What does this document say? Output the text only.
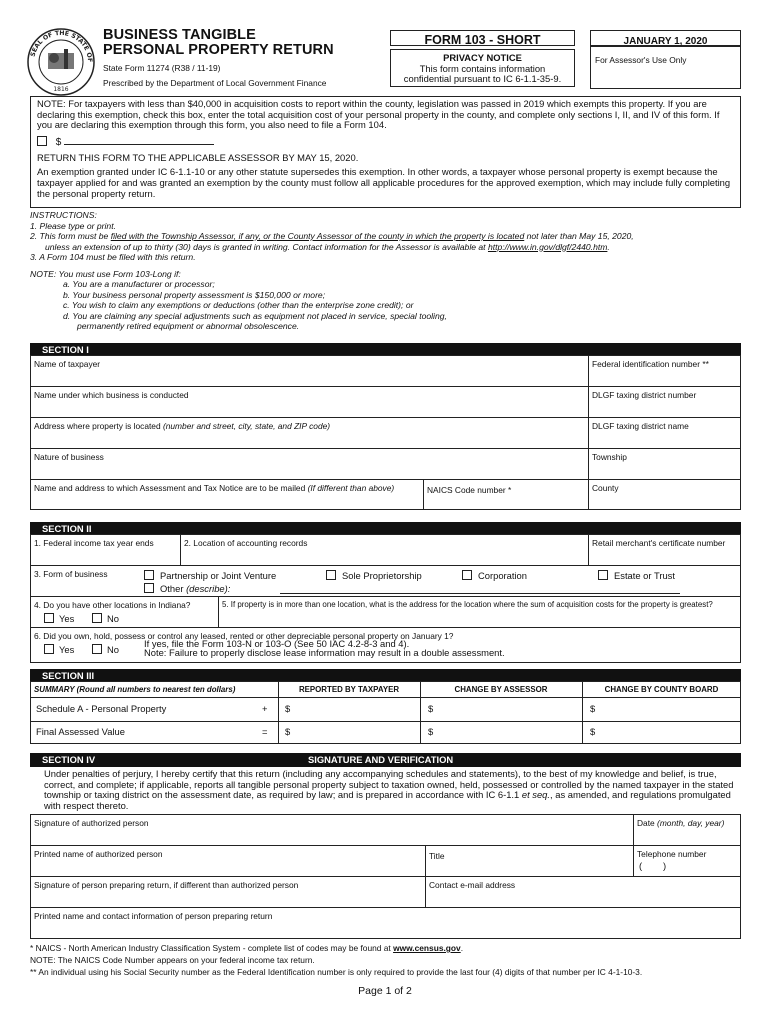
SEAL OF THE STATE OF
1816
BUSINESS TANGIBLE
PERSONAL PROPERTY RETURN
State Form 11274 (R38 / 11-19)
Prescribed by the Department of Local Government Finance
FORM 103 - SHORT
PRIVACY NOTICE
This form contains information
confidential pursuant to IC 6-1.1-35-9.
JANUARY 1, 2020
For Assessor's Use Only
NOTE: For taxpayers with less than $40,000 in acquisition costs to report within the county, legislation was passed in 2019 which exempts this property. If you are declaring this exemption, check this box, enter the total acquisition cost of your personal property in the county, and complete only sections I, II, and IV of this form. If you are declaring this exemption through this form, you also need to file a Form 104.
$
RETURN THIS FORM TO THE APPLICABLE ASSESSOR BY MAY 15, 2020.
An exemption granted under IC 6-1.1-10 or any other statute supersedes this exemption. In other words, a taxpayer whose personal property is exempt because the taxpayer applied for and was granted an exemption by the county must follow all applicable procedures for the approved exemption, which may include fully completing the personal property return.
INSTRUCTIONS:
1. Please type or print.
2. This form must be filed with the Township Assessor, if any, or the County Assessor of the county in which the property is located not later than May 15, 2020,
unless an extension of up to thirty (30) days is granted in writing. Contact information for the Assessor is available at http://www.in.gov/dlgf/2440.htm.
3. A Form 104 must be filed with this return.
NOTE: You must use Form 103-Long if:
a. You are a manufacturer or processor;
b. Your business personal property assessment is $150,000 or more;
c. You wish to claim any exemptions or deductions (other than the enterprise zone credit); or
d. You are claiming any special adjustments such as equipment not placed in service, special tooling,
permanently retired equipment or abnormal obsolescence.
SECTION I
Name of taxpayer	Federal identification number **
Name under which business is conducted	DLGF taxing district number
Address where property is located (number and street, city, state, and ZIP code)	DLGF taxing district name
Nature of business	Township
Name and address to which Assessment and Tax Notice are to be mailed (If different than above)	NAICS Code number *	County
SECTION II
1. Federal income tax year ends	2. Location of accounting records	Retail merchant's certificate number
3. Form of business	Partnership or Joint Venture	Sole Proprietorship	Corporation	Estate or Trust
Other (describe):
4. Do you have other locations in Indiana?
Yes	No
5. If property is in more than one location, what is the address for the location where the sum of acquisition costs for the property is greatest?
6. Did you own, hold, possess or control any leased, rented or other depreciable personal property on January 1?
Yes	No
If yes, file the Form 103-N or 103-O (See 50 IAC 4.2-8-3 and 4).
Note: Failure to properly disclose lease information may result in a double assessment.
SECTION III
SUMMARY (Round all numbers to nearest ten dollars)	REPORTED BY TAXPAYER	CHANGE BY ASSESSOR	CHANGE BY COUNTY BOARD
Schedule A - Personal Property	+ $	$	$
Final Assessed Value	= $	$	$
SECTION IV	SIGNATURE AND VERIFICATION
Under penalties of perjury, I hereby certify that this return (including any accompanying schedules and statements), to the best of my knowledge and belief, is true, correct, and complete; if applicable, reports all tangible personal property subject to taxation owned, held, possessed or controlled by the named taxpayer in the stated township or taxing district on the assessment date, as required by law; and is prepared in accordance with IC 6-1.1 et seq., as amended, and regulations promulgated with respect thereto.
Signature of authorized person	Date (month, day, year)
Printed name of authorized person	Title	Telephone number
(        )
Signature of person preparing return, if different than authorized person	Contact e-mail address
Printed name and contact information of person preparing return
* NAICS - North American Industry Classification System - complete list of codes may be found at www.census.gov.
NOTE: The NAICS Code Number appears on your federal income tax return.
** An individual using his Social Security number as the Federal Identification number is only required to provide the last four (4) digits of that number per IC 4-1-10-3.
Page 1 of 2
